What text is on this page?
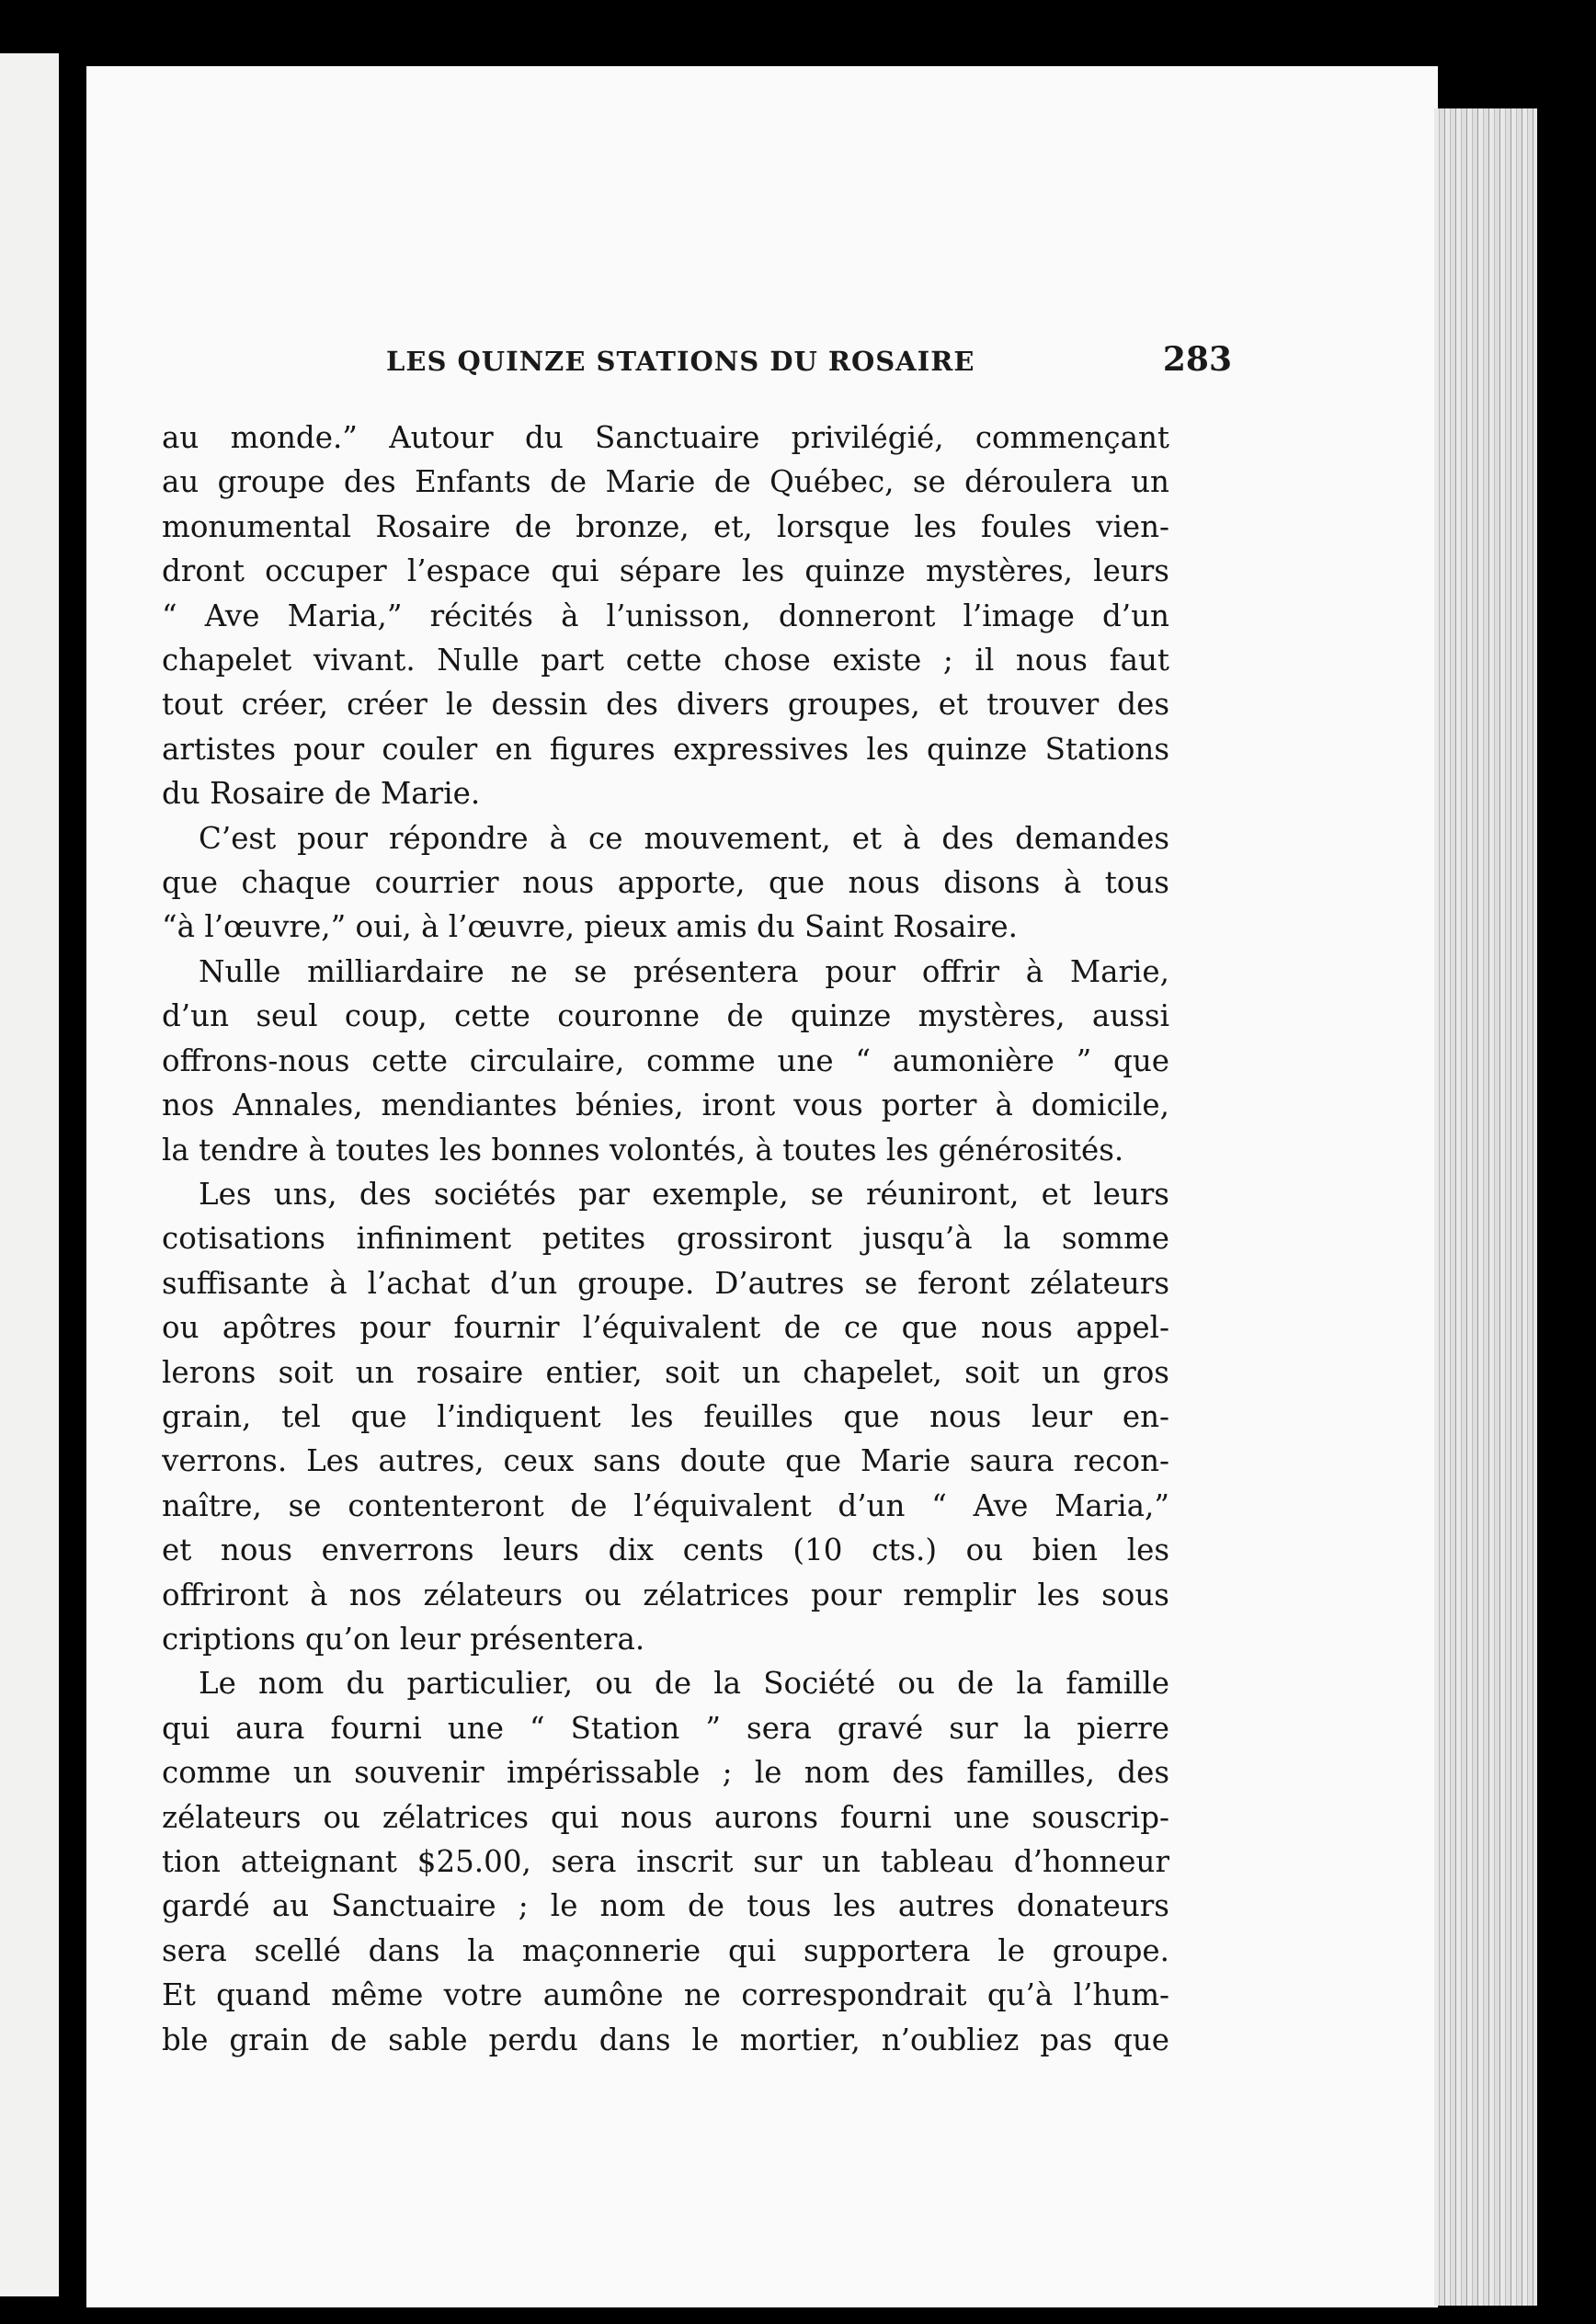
LES QUINZE STATIONS DU ROSAIRE	283
au monde.” Autour du Sanctuaire privilégié, commençant
au groupe des Enfants de Marie de Québec, se déroulera un
monumental Rosaire de bronze, et, lorsque les foules vien-
dront occuper l’espace qui sépare les quinze mystères, leurs
“ Ave Maria,” récités à l’unisson, donneront l’image d’un
chapelet vivant. Nulle part cette chose existe ; il nous faut
tout créer, créer le dessin des divers groupes, et trouver des
artistes pour couler en figures expressives les quinze Stations
du Rosaire de Marie.
C’est pour répondre à ce mouvement, et à des demandes
que chaque courrier nous apporte, que nous disons à tous
“à l’œuvre,” oui, à l’œuvre, pieux amis du Saint Rosaire.
Nulle milliardaire ne se présentera pour offrir à Marie,
d’un seul coup, cette couronne de quinze mystères, aussi
offrons-nous cette circulaire, comme une “ aumonière ” que
nos Annales, mendiantes bénies, iront vous porter à domicile,
la tendre à toutes les bonnes volontés, à toutes les générosités.
Les uns, des sociétés par exemple, se réuniront, et leurs
cotisations infiniment petites grossiront jusqu’à la somme
suffisante à l’achat d’un groupe. D’autres se feront zélateurs
ou apôtres pour fournir l’équivalent de ce que nous appel-
lerons soit un rosaire entier, soit un chapelet, soit un gros
grain, tel que l’indiquent les feuilles que nous leur en-
verrons. Les autres, ceux sans doute que Marie saura recon-
naître, se contenteront de l’équivalent d’un “ Ave Maria,”
et nous enverrons leurs dix cents (10 cts.) ou bien les
offriront à nos zélateurs ou zélatrices pour remplir les sous
criptions qu’on leur présentera.
Le nom du particulier, ou de la Société ou de la famille
qui aura fourni une “ Station ” sera gravé sur la pierre
comme un souvenir impérissable ; le nom des familles, des
zélateurs ou zélatrices qui nous aurons fourni une souscrip-
tion atteignant $25.00, sera inscrit sur un tableau d’honneur
gardé au Sanctuaire ; le nom de tous les autres donateurs
sera scellé dans la maçonnerie qui supportera le groupe.
Et quand même votre aumône ne correspondrait qu’à l’hum-
ble grain de sable perdu dans le mortier, n’oubliez pas que
